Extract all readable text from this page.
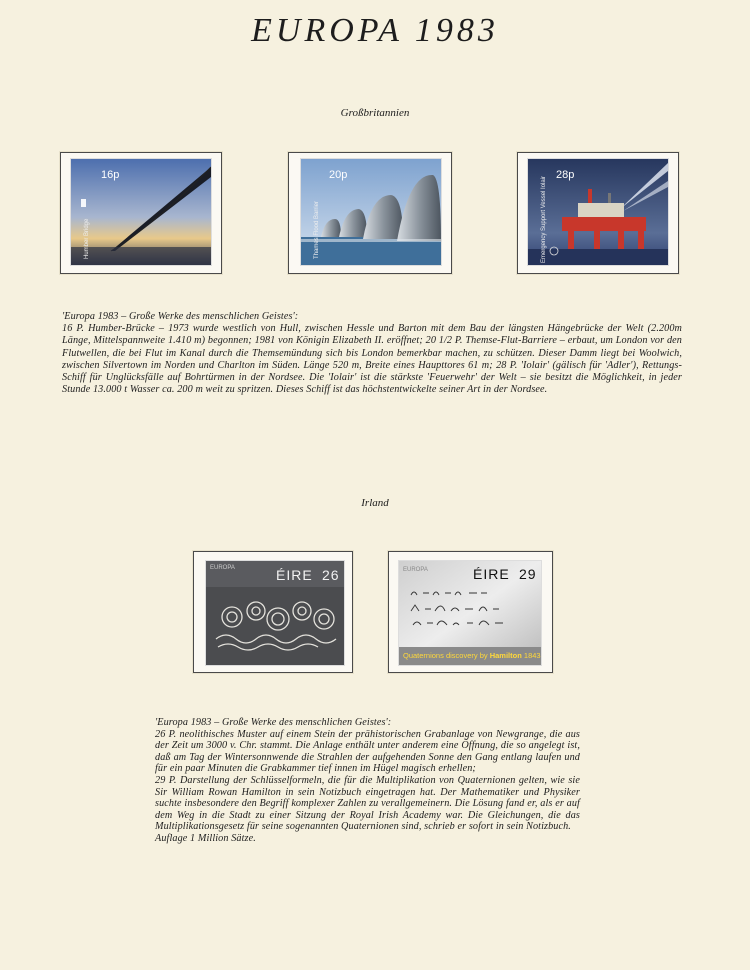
EUROPA 1983
Großbritannien
16p
Humber Bridge
20p
Thames Flood Barrier
28p
Emergency Support Vessel Iolair

'Europa 1983 – Große Werke des menschlichen Geistes':

16 P. Humber-Brücke – 1973 wurde westlich von Hull, zwischen Hessle und Barton mit dem Bau der längsten Hängebrücke der Welt (2.200m Länge, Mittelspannweite 1.410 m) begonnen; 1981 von Königin Elizabeth II. eröffnet; 20 1/2 P. Themse-Flut-Barriere – erbaut, um London vor den Flutwellen, die bei Flut im Kanal durch die Themsemündung sich bis London bemerkbar machen, zu schützen. Dieser Damm liegt bei Woolwich, zwischen Silvertown im Norden und Charlton im Süden. Länge 520 m, Breite eines Haupttores 61 m; 28 P. 'Iolair' (gälisch für 'Adler'), Rettungs-Schiff für Unglücksfälle auf Bohrtürmen in der Nordsee. Die 'Iolair' ist die stärkste 'Feuerwehr' der Welt – sie besitzt die Möglichkeit, in jeder Stunde 13.000 t Wasser ca. 200 m weit zu spritzen. Dieses Schiff ist das höchstentwickelte seiner Art in der Nordsee.

Irland
EUROPA	ÉIRE 26	EUROPA	ÉIRE 29
Quaternions discovery by Hamilton 1843

'Europa 1983 – Große Werke des menschlichen Geistes':

26 P. neolithisches Muster auf einem Stein der prähistorischen Grabanlage von Newgrange, die aus der Zeit um 3000 v. Chr. stammt. Die Anlage enthält unter anderem eine Öffnung, die so angelegt ist, daß am Tag der Wintersonnwende die Strahlen der aufgehenden Sonne den Gang entlang laufen und für ein paar Minuten die Grabkammer tief innen im Hügel magisch erhellen;

29 P. Darstellung der Schlüsselformeln, die für die Multiplikation von Quaternionen gelten, wie sie Sir William Rowan Hamilton in sein Notizbuch eingetragen hat. Der Mathematiker und Physiker suchte insbesondere den Begriff komplexer Zahlen zu verallgemeinern. Die Lösung fand er, als er auf dem Weg in die Stadt zu einer Sitzung der Royal Irish Academy war. Die Gleichungen, die das Multiplikationsgesetz für seine sogenannten Quaternionen sind, schrieb er sofort in sein Notizbuch.

Auflage 1 Million Sätze.
